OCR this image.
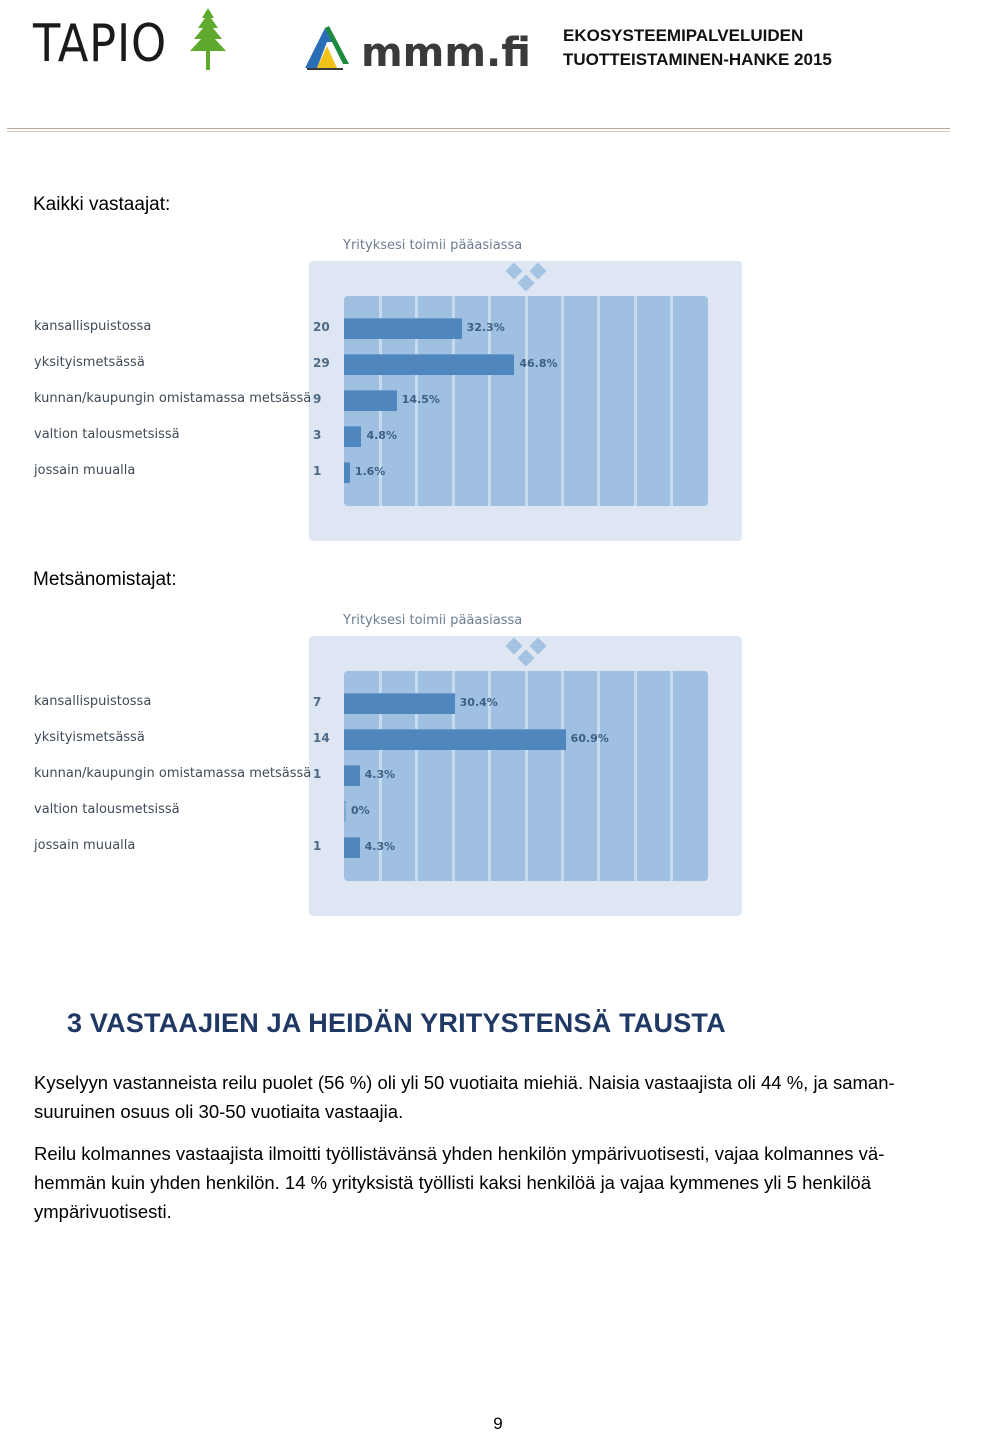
TAPIO	mmm.fi EKOSYSTEEMIPALVELUIDEN
TUOTTEISTAMINEN-HANKE 2015
Kaikki vastaajat:
Yrityksesi toimii pääasiassa
kansallispuistossa	20	32.3%
yksityismetsässä	29	46.8%
kunnan/kaupungin omistamassa metsässä 9	14.5%
valtion talousmetsissä	3	4.8%
jossain muualla	1	1.6%
Metsänomistajat:
Yrityksesi toimii pääasiassa
kansallispuistossa	7	30.4%
yksityismetsässä	14	60.9%
kunnan/kaupungin omistamassa metsässä 1	4.3%
valtion talousmetsissä	0%
jossain muualla	1	4.3%
3 VASTAAJIEN JA HEIDÄN YRITYSTENSÄ TAUSTA
Kyselyyn vastanneista reilu puolet (56 %) oli yli 50 vuotiaita miehiä. Naisia vastaajista oli 44 %, ja saman-
suuruinen osuus oli 30-50 vuotiaita vastaajia.
Reilu kolmannes vastaajista ilmoitti työllistävänsä yhden henkilön ympärivuotisesti, vajaa kolmannes vä-
hemmän kuin yhden henkilön. 14 % yrityksistä työllisti kaksi henkilöä ja vajaa kymmenes yli 5 henkilöä
ympärivuotisesti.
9
